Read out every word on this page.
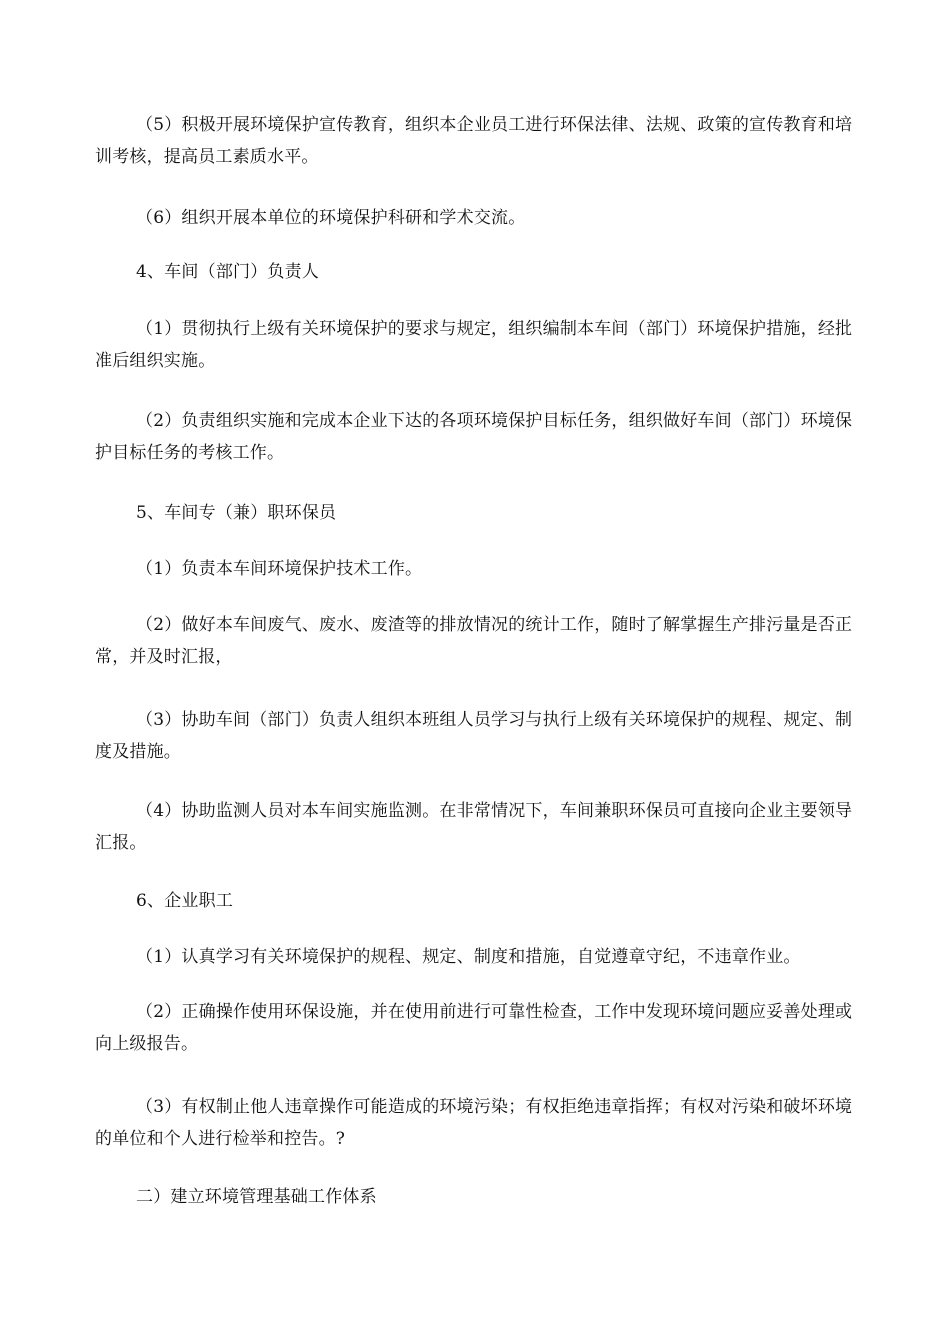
（5）积极开展环境保护宣传教育，组织本企业员工进行环保法律、法规、政策的宣传教育和培训考核，提高员工素质水平。

（6）组织开展本单位的环境保护科研和学术交流。

4、车间（部门）负责人

（1）贯彻执行上级有关环境保护的要求与规定，组织编制本车间（部门）环境保护措施，经批准后组织实施。

（2）负责组织实施和完成本企业下达的各项环境保护目标任务，组织做好车间（部门）环境保护目标任务的考核工作。

5、车间专（兼）职环保员

（1）负责本车间环境保护技术工作。

（2）做好本车间废气、废水、废渣等的排放情况的统计工作，随时了解掌握生产排污量是否正常，并及时汇报，

（3）协助车间（部门）负责人组织本班组人员学习与执行上级有关环境保护的规程、规定、制度及措施。

（4）协助监测人员对本车间实施监测。在非常情况下，车间兼职环保员可直接向企业主要领导汇报。

6、企业职工

（1）认真学习有关环境保护的规程、规定、制度和措施，自觉遵章守纪，不违章作业。

（2）正确操作使用环保设施，并在使用前进行可靠性检查，工作中发现环境问题应妥善处理或向上级报告。

（3）有权制止他人违章操作可能造成的环境污染；有权拒绝违章指挥；有权对污染和破坏环境的单位和个人进行检举和控告。?

二）建立环境管理基础工作体系
